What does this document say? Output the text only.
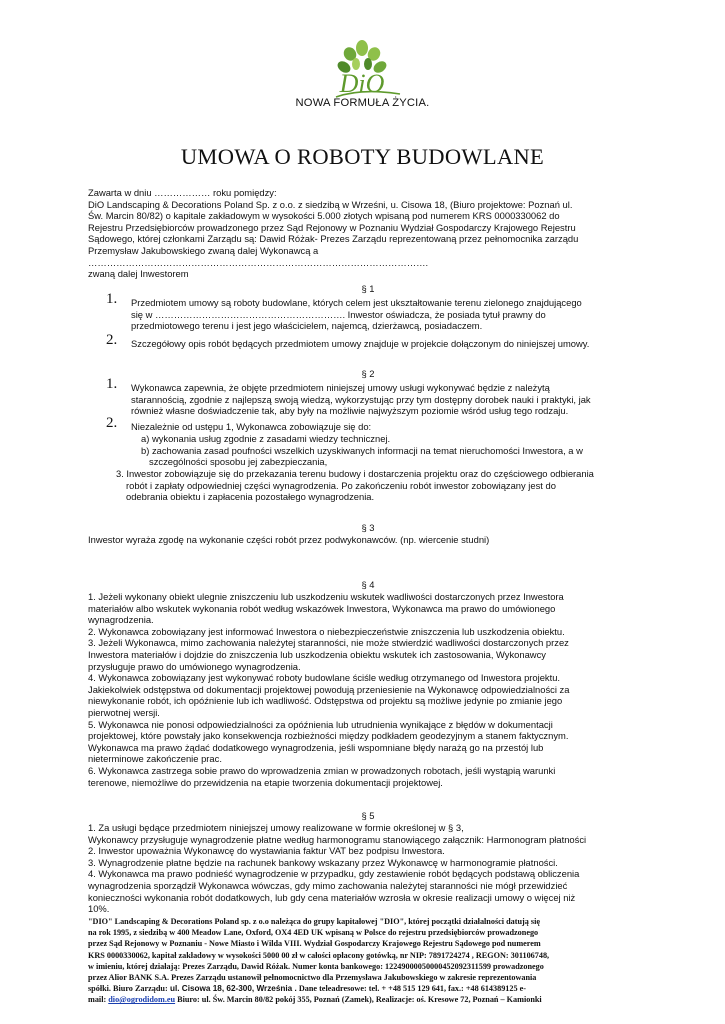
DiO
NOWA FORMUŁA ŻYCIA.
UMOWA O ROBOTY BUDOWLANE

Zawarta w dniu ……………… roku pomiędzy:

DiO Landscaping & Decorations Poland Sp. z o.o. z siedzibą w Wrześni, u. Cisowa 18, (Biuro projektowe: Poznań ul.

Św. Marcin 80/82) o kapitale zakładowym w wysokości 5.000 złotych wpisaną pod numerem KRS 0000330062 do

Rejestru Przedsiębiorców prowadzonego przez Sąd Rejonowy w Poznaniu Wydział Gospodarczy Krajowego Rejestru

Sądowego, której członkami Zarządu są: Dawid Różak- Prezes Zarządu reprezentowaną przez pełnomocnika zarządu

Przemysław Jakubowskiego zwaną dalej Wykonawcą a

……………………………………………………………………………………………….

zwaną dalej Inwestorem

§ 1
1. Przedmiotem umowy są roboty budowlane, których celem jest ukształtowanie terenu zielonego znajdującego

się w ……………………………………………………. Inwestor oświadcza, że posiada tytuł prawny do

przedmiotowego terenu i jest jego właścicielem, najemcą, dzierżawcą, posiadaczem.

2. Szczegółowy opis robót będących przedmiotem umowy znajduje w projekcie dołączonym do niniejszej umowy.

§ 2
1. Wykonawca zapewnia, że objęte przedmiotem niniejszej umowy usługi wykonywać będzie z należytą

starannością, zgodnie z najlepszą swoją wiedzą, wykorzystując przy tym dostępny dorobek nauki i praktyki, jak

również własne doświadczenie tak, aby były na możliwie najwyższym poziomie wśród usług tego rodzaju.

2. Niezależnie od ustępu 1, Wykonawca zobowiązuje się do:

a) wykonania usług zgodnie z zasadami wiedzy technicznej.

b) zachowania zasad poufności wszelkich uzyskiwanych informacji na temat nieruchomości Inwestora, a w

szczególności sposobu jej zabezpieczania,

3. Inwestor zobowiązuje się do przekazania terenu budowy i dostarczenia projektu oraz do częściowego odbierania

robót i zapłaty odpowiedniej części wynagrodzenia. Po zakończeniu robót inwestor zobowiązany jest do

odebrania obiektu i zapłacenia pozostałego wynagrodzenia.

§ 3
Inwestor wyraża zgodę na wykonanie części robót przez podwykonawców. (np. wiercenie studni)
§ 4

1. Jeżeli wykonany obiekt ulegnie zniszczeniu lub uszkodzeniu wskutek wadliwości dostarczonych przez Inwestora

materiałów albo wskutek wykonania robót według wskazówek Inwestora, Wykonawca ma prawo do umówionego

wynagrodzenia.

2. Wykonawca zobowiązany jest informować Inwestora o niebezpieczeństwie zniszczenia lub uszkodzenia obiektu.

3. Jeżeli Wykonawca, mimo zachowania należytej staranności, nie może stwierdzić wadliwości dostarczonych przez

Inwestora materiałów i dojdzie do zniszczenia lub uszkodzenia obiektu wskutek ich zastosowania, Wykonawcy

przysługuje prawo do umówionego wynagrodzenia.

4. Wykonawca zobowiązany jest wykonywać roboty budowlane ściśle według otrzymanego od Inwestora projektu.

Jakiekolwiek odstępstwa od dokumentacji projektowej powodują przeniesienie na Wykonawcę odpowiedzialności za

niewykonanie robót, ich opóźnienie lub ich wadliwość. Odstępstwa od projektu są możliwe jedynie po zmianie jego

pierwotnej wersji.

5. Wykonawca nie ponosi odpowiedzialności za opóźnienia lub utrudnienia wynikające z błędów w dokumentacji

projektowej, które powstały jako konsekwencja rozbieżności między podkładem geodezyjnym a stanem faktycznym.

Wykonawca ma prawo żądać dodatkowego wynagrodzenia, jeśli wspomniane błędy narażą go na przestój lub

nieterminowe zakończenie prac.

6. Wykonawca zastrzega sobie prawo do wprowadzenia zmian w prowadzonych robotach, jeśli wystąpią warunki

terenowe, niemożliwe do przewidzenia na etapie tworzenia dokumentacji projektowej.

§ 5

1. Za usługi będące przedmiotem niniejszej umowy realizowane w formie określonej w § 3,

Wykonawcy przysługuje wynagrodzenie płatne według harmonogramu stanowiącego załącznik: Harmonogram płatności

2. Inwestor upoważnia Wykonawcę do wystawiania faktur VAT bez podpisu Inwestora.

3. Wynagrodzenie płatne będzie na rachunek bankowy wskazany przez Wykonawcę w harmonogramie płatności.

4. Wykonawca ma prawo podnieść wynagrodzenie w przypadku, gdy zestawienie robót będących podstawą obliczenia

wynagrodzenia sporządził Wykonawca wówczas, gdy mimo zachowania należytej staranności nie mógł przewidzieć

konieczności wykonania robót dodatkowych, lub gdy cena materiałów wzrosła w okresie realizacji umowy o więcej niż

10%.

"DIO" Landscaping & Decorations Poland sp. z o.o należąca do grupy kapitałowej "DIO", której początki działalności datują się

na rok 1995, z siedzibą w 400 Meadow Lane, Oxford, OX4 4ED UK wpisaną w Polsce do rejestru przedsiębiorców prowadzonego

przez Sąd Rejonowy w Poznaniu - Nowe Miasto i Wilda VIII. Wydział Gospodarczy Krajowego Rejestru Sądowego pod numerem

KRS 0000330062, kapitał zakładowy w wysokości 5000 00 zł w całości opłacony gotówką, nr NIP: 7891724274 , REGON: 301106748,

w imieniu, której działają: Prezes Zarządu, Dawid Różak. Numer konta bankowego: 12249000050000452092311599 prowadzonego

przez Alior BANK S.A. Prezes Zarządu ustanowił pełnomocnictwo dla Przemysława Jakubowskiego w zakresie reprezentowania

spółki. Biuro Zarządu: ul. Cisowa 18, 62-300, Września . Dane teleadresowe: tel. + +48 515 129 641, fax.: +48 614389125 e-

mail: dio@ogrodidom.eu Biuro: ul. Św. Marcin 80/82 pokój 355, Poznań (Zamek), Realizacje: oś. Kresowe 72, Poznań – Kamionki
